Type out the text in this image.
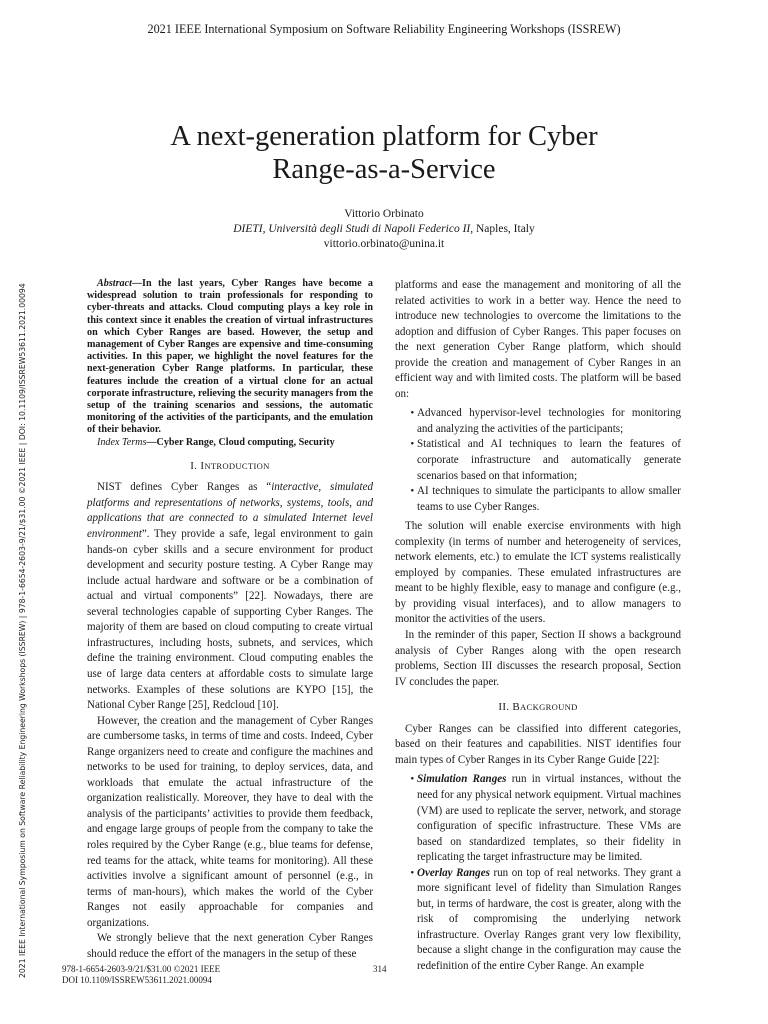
2021 IEEE International Symposium on Software Reliability Engineering Workshops (ISSREW)
A next-generation platform for Cyber
Range-as-a-Service
Vittorio Orbinato
DIETI, Università degli Studi di Napoli Federico II, Naples, Italy
vittorio.orbinato@unina.it
2021 IEEE International Symposium on Software Reliability Engineering Workshops (ISSREW) | 978-1-6654-2603-9/21/$31.00 ©2021 IEEE | DOI: 10.1109/ISSREW53611.2021.00094	Abstract—In the last years, Cyber Ranges have become a widespread solution to train professionals for responding to cyber-threats and attacks. Cloud computing plays a key role in this context since it enables the creation of virtual infrastructures on which Cyber Ranges are based. However, the setup and management of Cyber Ranges are expensive and time-consuming activities. In this paper, we highlight the novel features for the next-generation Cyber Range platforms. In particular, these features include the creation of a virtual clone for an actual corporate infrastructure, relieving the security managers from the setup of the training scenarios and sessions, the automatic monitoring of the activities of the participants, and the emulation of their behavior.

Index Terms—Cyber Range, Cloud computing, Security

I. INTRODUCTION

NIST defines Cyber Ranges as “interactive, simulated platforms and representations of networks, systems, tools, and applications that are connected to a simulated Internet level environment”. They provide a safe, legal environment to gain hands-on cyber skills and a secure environment for product development and security posture testing. A Cyber Range may include actual hardware and software or be a combination of actual and virtual components” [22]. Nowadays, there are several technologies capable of supporting Cyber Ranges. The majority of them are based on cloud computing to create virtual infrastructures, including hosts, subnets, and services, which define the training environment. Cloud computing enables the use of large data centers at affordable costs to simulate large networks. Examples of these solutions are KYPO [15], the National Cyber Range [25], Redcloud [10].

However, the creation and the management of Cyber Ranges are cumbersome tasks, in terms of time and costs. Indeed, Cyber Range organizers need to create and configure the machines and networks to be used for training, to deploy services, data, and workloads that emulate the actual infrastructure of the organization realistically. Moreover, they have to deal with the analysis of the participants’ activities to provide them feedback, and engage large groups of people from the company to take the roles required by the Cyber Range (e.g., blue teams for defense, red teams for the attack, white teams for monitoring). All these activities involve a significant amount of personnel (e.g., in terms of man-hours), which makes the world of the Cyber Ranges not easily approachable for companies and organizations.

We strongly believe that the next generation Cyber Ranges should reduce the effort of the managers in the setup of these

platforms and ease the management and monitoring of all the related activities to work in a better way. Hence the need to introduce new technologies to overcome the limitations to the adoption and diffusion of Cyber Ranges. This paper focuses on the next generation Cyber Range platform, which should provide the creation and management of Cyber Ranges in an efficient way and with limited costs. The platform will be based on:

• Advanced hypervisor-level technologies for monitoring and analyzing the activities of the participants;
• Statistical and AI techniques to learn the features of corporate infrastructure and automatically generate scenarios based on that information;
• AI techniques to simulate the participants to allow smaller teams to use Cyber Ranges.

The solution will enable exercise environments with high complexity (in terms of number and heterogeneity of services, network elements, etc.) to emulate the ICT systems realistically employed by companies. These emulated infrastructures are meant to be highly flexible, easy to manage and configure (e.g., by providing visual interfaces), and to allow managers to monitor the activities of the users.

In the reminder of this paper, Section II shows a background analysis of Cyber Ranges along with the open research problems, Section III discusses the research proposal, Section IV concludes the paper.

II. BACKGROUND

Cyber Ranges can be classified into different categories, based on their features and capabilities. NIST identifies four main types of Cyber Ranges in its Cyber Range Guide [22]:

• Simulation Ranges run in virtual instances, without the need for any physical network equipment. Virtual machines (VM) are used to replicate the server, network, and storage configuration of specific infrastructure. These VMs are based on standardized templates, so their fidelity in replicating the target infrastructure may be limited.
• Overlay Ranges run on top of real networks. They grant a more significant level of fidelity than Simulation Ranges but, in terms of hardware, the cost is greater, along with the risk of compromising the underlying network infrastructure. Overlay Ranges grant very low flexibility, because a slight change in the configuration may cause the redefinition of the entire Cyber Range. An example
978-1-6654-2603-9/21/$31.00 ©2021 IEEE
DOI 10.1109/ISSREW53611.2021.00094
314
